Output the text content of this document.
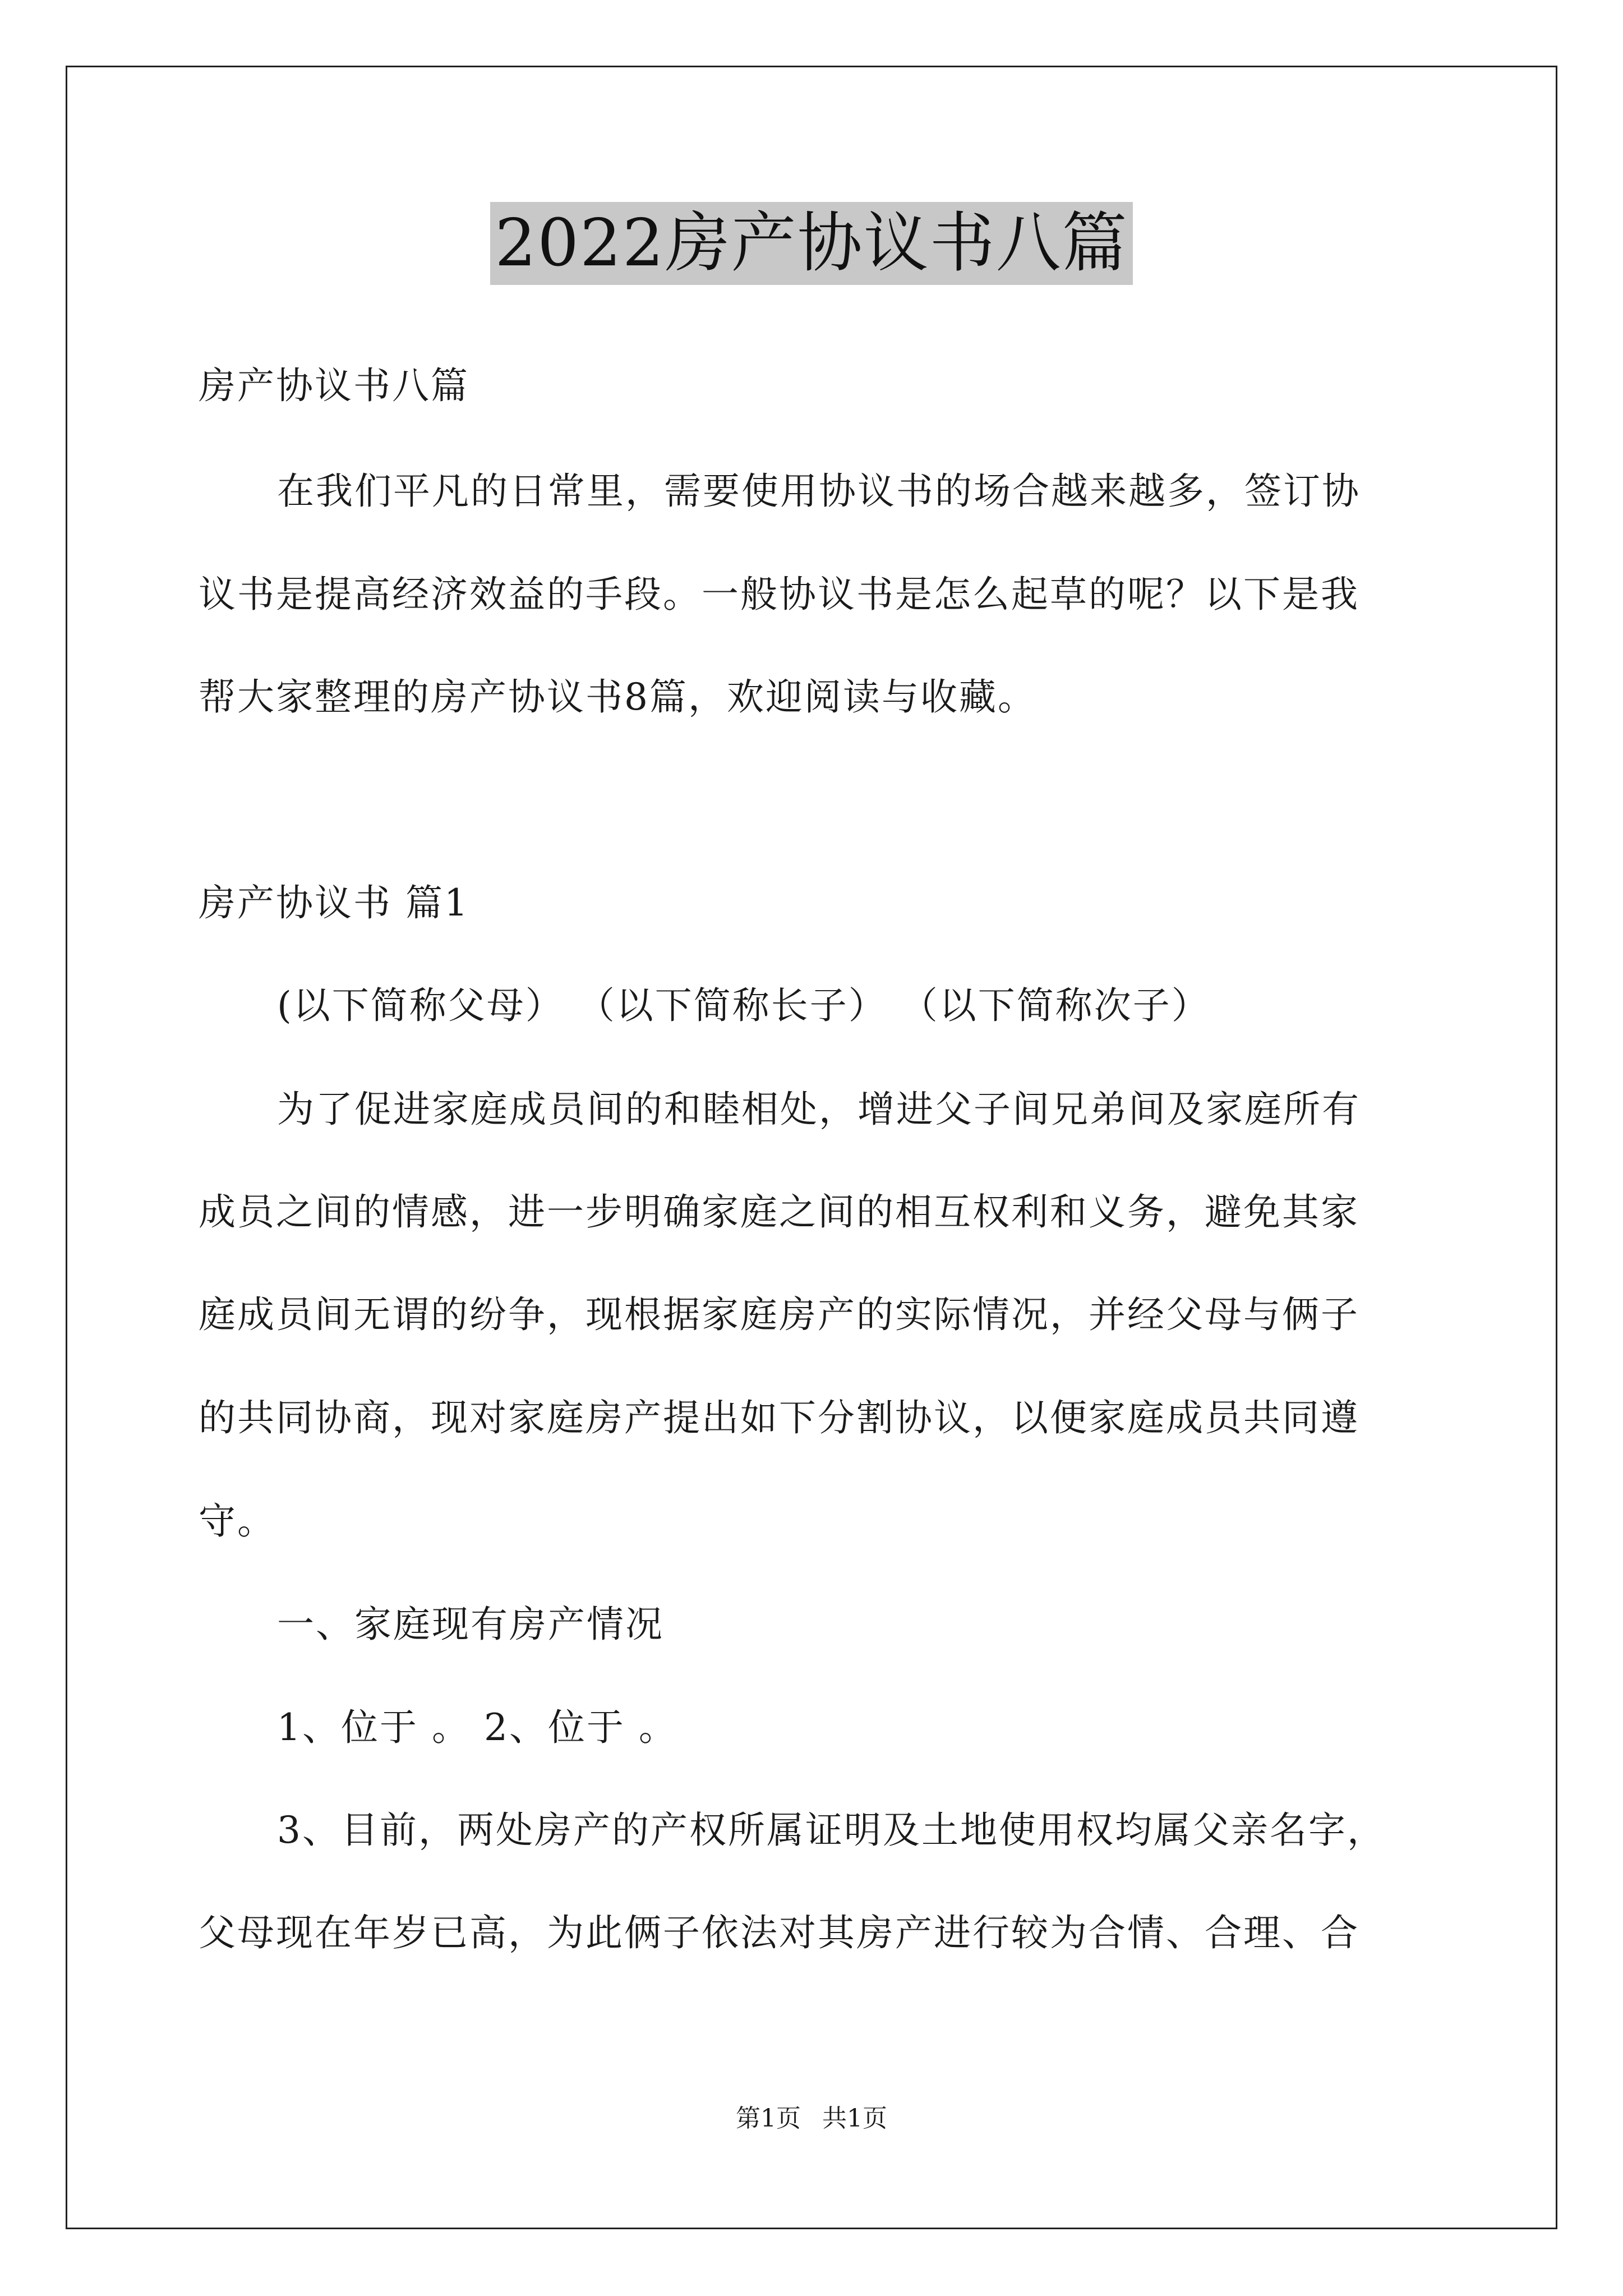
2022房产协议书八篇
房产协议书八篇
在我们平凡的日常里，需要使用协议书的场合越来越多，签订协
议书是提高经济效益的手段。一般协议书是怎么起草的呢？以下是我
帮大家整理的房产协议书8篇，欢迎阅读与收藏。
房产协议书 篇1
(以下简称父母） （以下简称长子） （以下简称次子）
为了促进家庭成员间的和睦相处，增进父子间兄弟间及家庭所有
成员之间的情感，进一步明确家庭之间的相互权利和义务，避免其家
庭成员间无谓的纷争，现根据家庭房产的实际情况，并经父母与俩子
的共同协商，现对家庭房产提出如下分割协议，以便家庭成员共同遵
守。
一、家庭现有房产情况
1、位于 。 2、位于 。
3、目前，两处房产的产权所属证明及土地使用权均属父亲名字，
父母现在年岁已高，为此俩子依法对其房产进行较为合情、合理、合
第1页 共1页
